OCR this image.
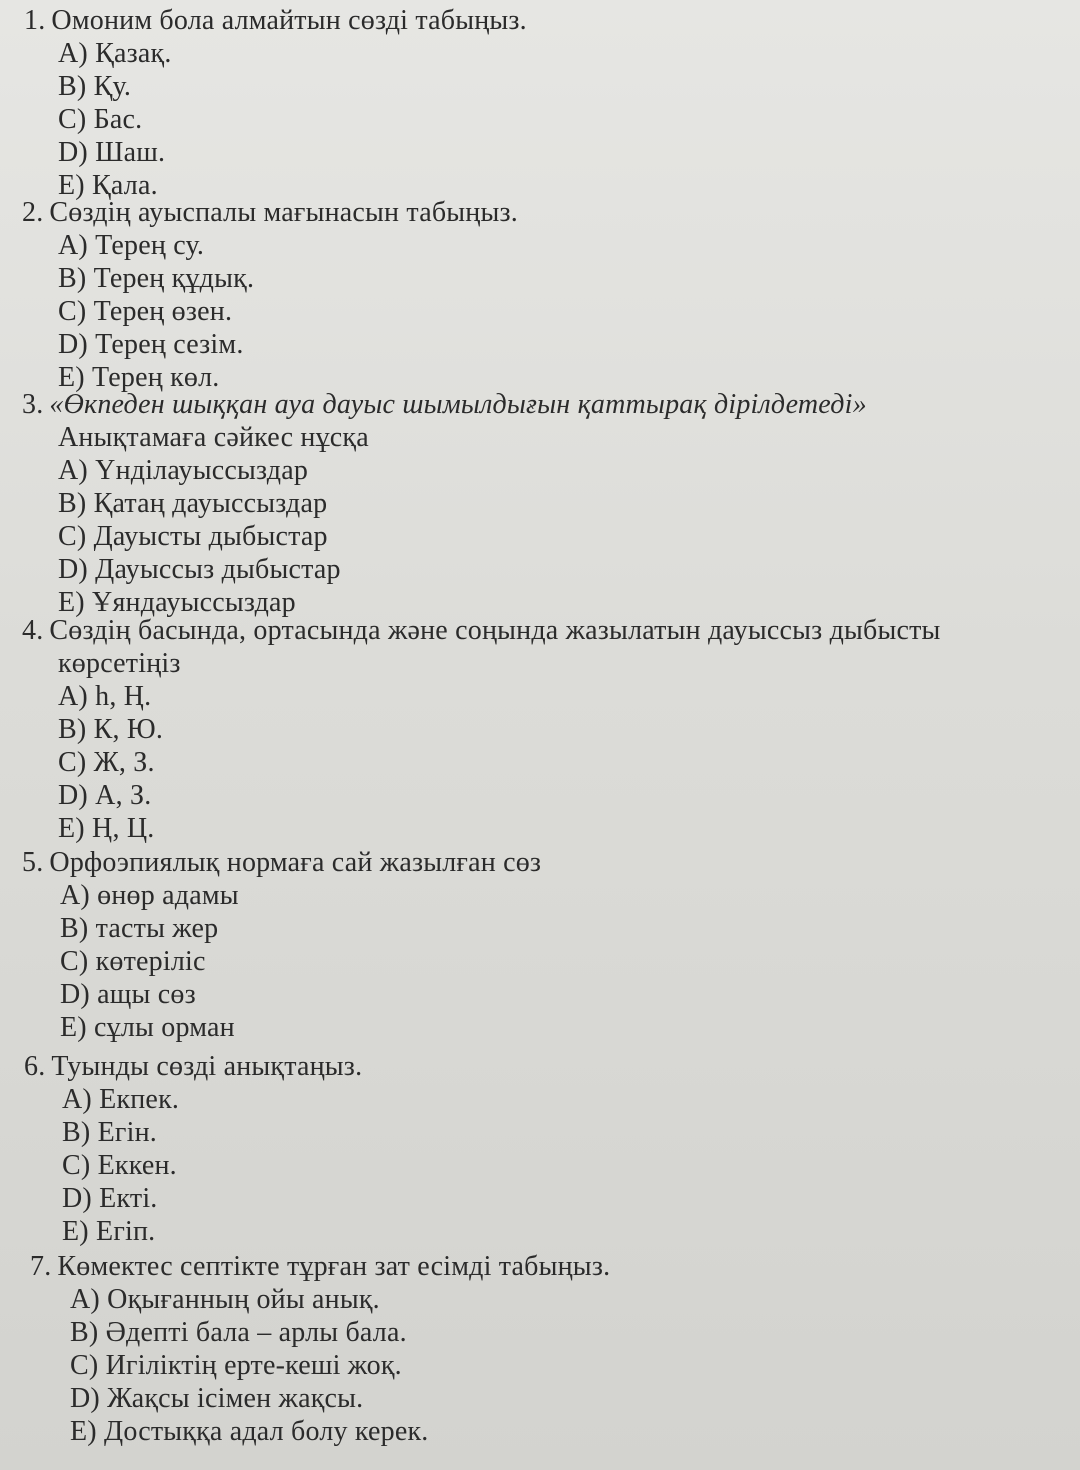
1. Омоним бола алмайтын сөзді табыңыз.
A) Қазақ.
B) Қу.
C) Бас.
D) Шаш.
E) Қала.
2. Сөздің ауыспалы мағынасын табыңыз.
A) Терең су.
B) Терең құдық.
C) Терең өзен.
D) Терең сезім.
E) Терең көл.
3. «Өкпеден шыққан ауа дауыс шымылдығын қаттырақ дірілдетеді»
Анықтамаға сәйкес нұсқа
A) Үнділауыссыздар
B) Қатаң дауыссыздар
C) Дауысты дыбыстар
D) Дауыссыз дыбыстар
E) Ұяндауыссыздар
4. Сөздің басында, ортасында және соңында жазылатын дауыссыз дыбысты
көрсетіңіз
A) h, Ң.
B) К, Ю.
C) Ж, З.
D) А, З.
E) Ң, Ц.
5. Орфоэпиялық нормаға сай жазылған сөз
A) өнөр адамы
B) тасты жер
C) көтеріліс
D) ащы сөз
E) сұлы орман
6. Туынды сөзді анықтаңыз.
A) Екпек.
B) Егін.
C) Еккен.
D) Екті.
E) Егіп.
7. Көмектес септікте тұрған зат есімді табыңыз.
A) Оқығанның ойы анық.
B) Әдепті бала – арлы бала.
C) Игіліктің ерте-кеші жоқ.
D) Жақсы ісімен жақсы.
E) Достыққа адал болу керек.
